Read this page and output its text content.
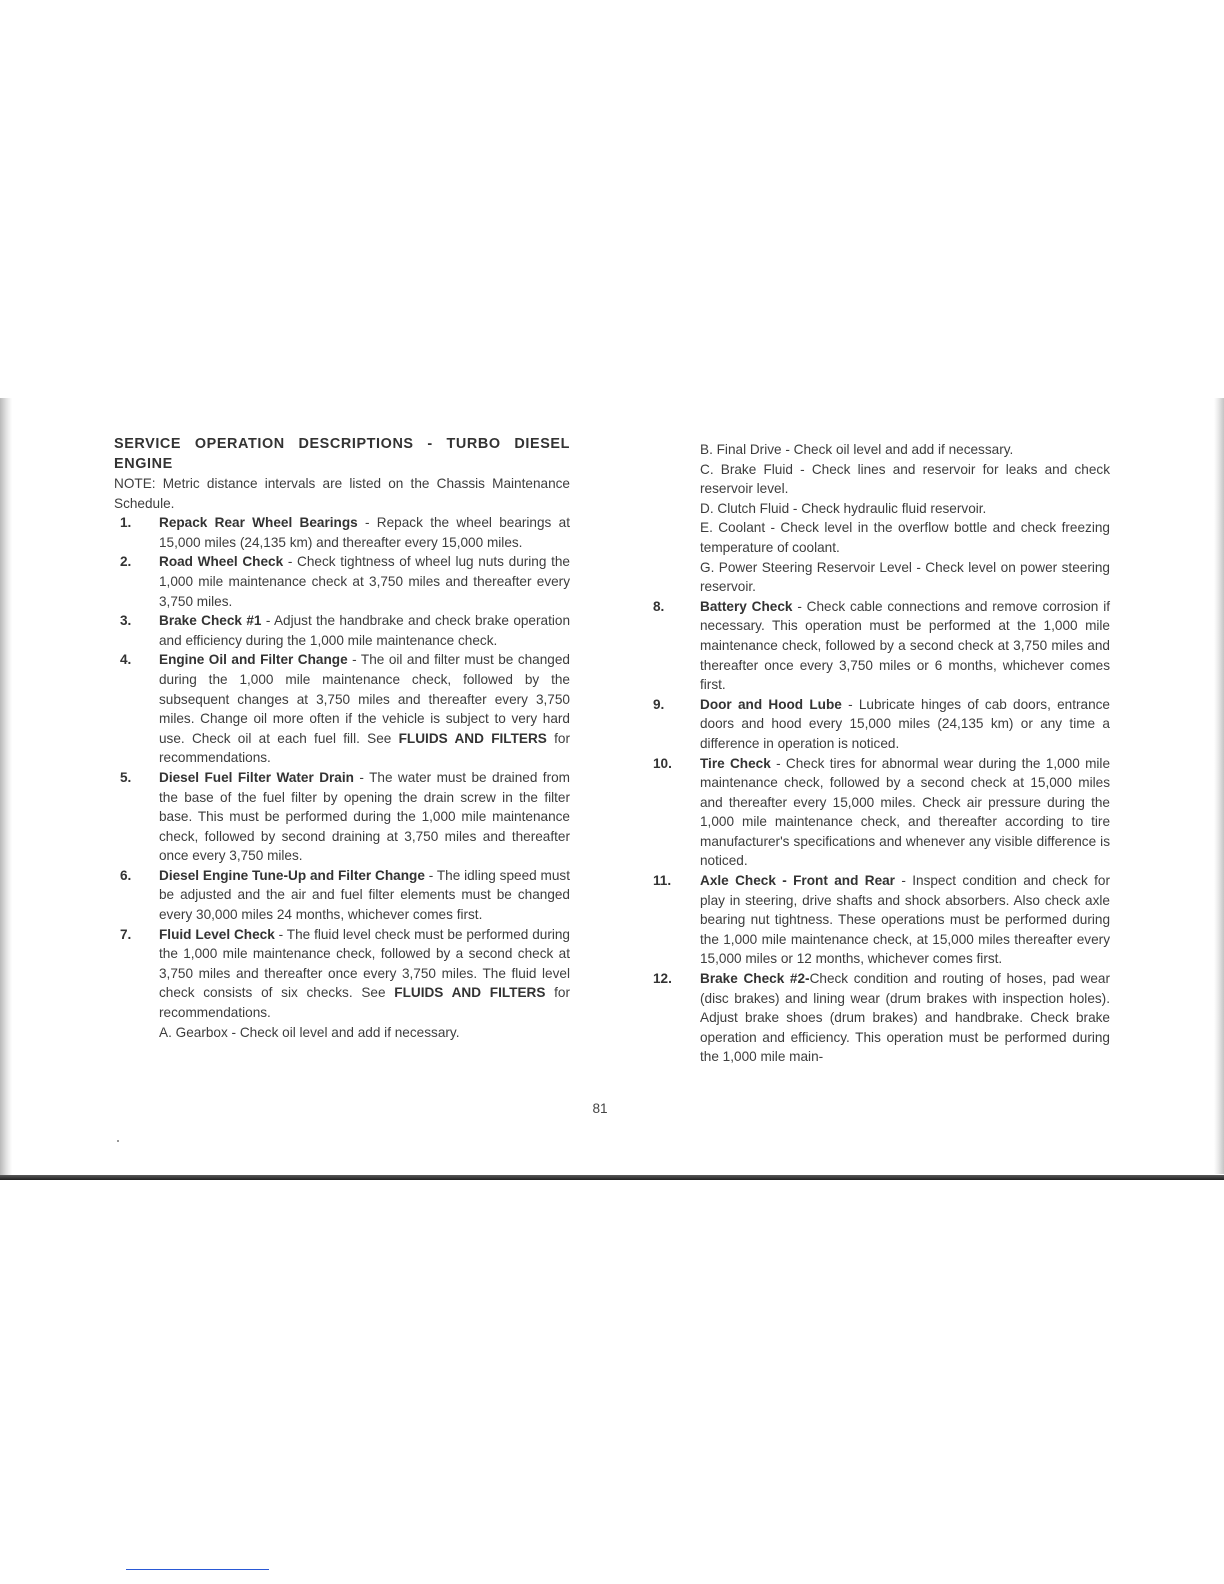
SERVICE OPERATION DESCRIPTIONS - TURBO DIESEL ENGINE

NOTE: Metric distance intervals are listed on the Chassis Maintenance Schedule.

1. Repack Rear Wheel Bearings - Repack the wheel bearings at 15,000 miles (24,135 km) and thereafter every 15,000 miles.
2. Road Wheel Check - Check tightness of wheel lug nuts during the 1,000 mile maintenance check at 3,750 miles and thereafter every 3,750 miles.
3. Brake Check #1 - Adjust the handbrake and check brake operation and efficiency during the 1,000 mile maintenance check.
4. Engine Oil and Filter Change - The oil and filter must be changed during the 1,000 mile maintenance check, followed by the subsequent changes at 3,750 miles and thereafter every 3,750 miles. Change oil more often if the vehicle is subject to very hard use. Check oil at each fuel fill. See FLUIDS AND FILTERS for recommendations.
5. Diesel Fuel Filter Water Drain - The water must be drained from the base of the fuel filter by opening the drain screw in the filter base. This must be performed during the 1,000 mile maintenance check, followed by second draining at 3,750 miles and thereafter once every 3,750 miles.
6. Diesel Engine Tune-Up and Filter Change - The idling speed must be adjusted and the air and fuel filter elements must be changed every 30,000 miles 24 months, whichever comes first.
7. Fluid Level Check - The fluid level check must be performed during the 1,000 mile maintenance check, followed by a second check at 3,750 miles and thereafter once every 3,750 miles. The fluid level check consists of six checks. See FLUIDS AND FILTERS for recommendations.

A. Gearbox - Check oil level and add if necessary.

B. Final Drive - Check oil level and add if necessary.

C. Brake Fluid - Check lines and reservoir for leaks and check reservoir level.

D. Clutch Fluid - Check hydraulic fluid reservoir.

E. Coolant - Check level in the overflow bottle and check freezing temperature of coolant.

G. Power Steering Reservoir Level - Check level on power steering reservoir.

8.	Battery Check - Check cable connections and remove corrosion if necessary. This operation must be performed at the 1,000 mile maintenance check, followed by a second check at 3,750 miles and thereafter once every 3,750 miles or 6 months, whichever comes first.
9.	Door and Hood Lube - Lubricate hinges of cab doors, entrance doors and hood every 15,000 miles (24,135 km) or any time a difference in operation is noticed.
10. Tire Check - Check tires for abnormal wear during the 1,000 mile maintenance check, followed by a second check at 15,000 miles and thereafter every 15,000 miles. Check air pressure during the 1,000 mile maintenance check, and thereafter according to tire manufacturer's specifications and whenever any visible difference is noticed.
11. Axle Check - Front and Rear - Inspect condition and check for play in steering, drive shafts and shock absorbers. Also check axle bearing nut tightness. These operations must be performed during the 1,000 mile maintenance check, at 15,000 miles thereafter every 15,000 miles or 12 months, whichever comes first.
12. Brake Check #2-Check condition and routing of hoses, pad wear (disc brakes) and lining wear (drum brakes with inspection holes). Adjust brake shoes (drum brakes) and handbrake. Check brake operation and efficiency. This operation must be performed during the 1,000 mile main-
81
